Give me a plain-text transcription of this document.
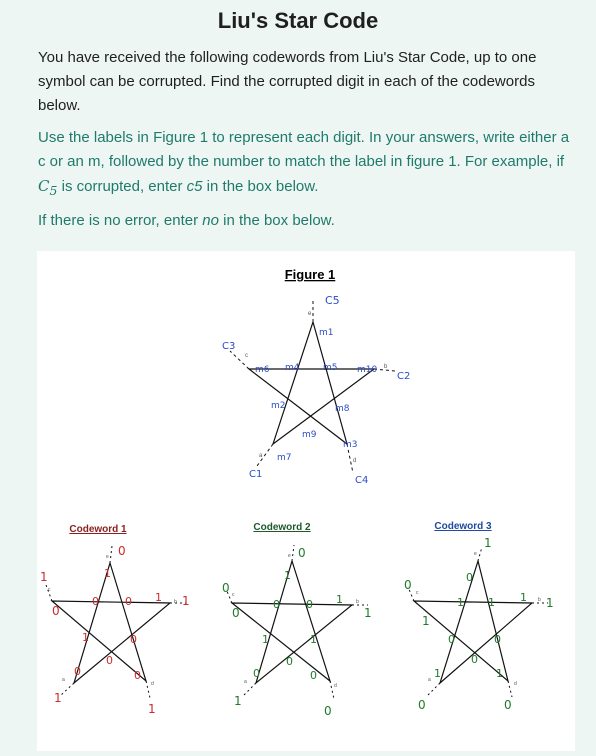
Liu's Star Code

You have received the following codewords from Liu's Star Code, up to one symbol can be corrupted. Find the corrupted digit in each of the codewords below.

Use the labels in Figure 1 to represent each digit. In your answers, write either a c or an m, followed by the number to match the label in figure 1. For example, if $C_5$ is corrupted, enter c5 in the box below.

If there is no error, enter no in the box below.

Figure 1
C5
m1
C3
C2
m6 m4	m5 m10
m2	m8
m9
m7
m3
C1
C4
e
c
b
a
d
Codeword 1
0
1
0
1
1
1
1
0 0 1
1	0
0
0	0
e
c
b
a
d
Codeword 2
0
0
0	1
1
0
1
0 0 1
1	1
0
0	0
e
c
b
a
d
Codeword 3
1
0
1
1
0	0
0
1 1 1
0	0
0
1	1
e
c
b
a
d
